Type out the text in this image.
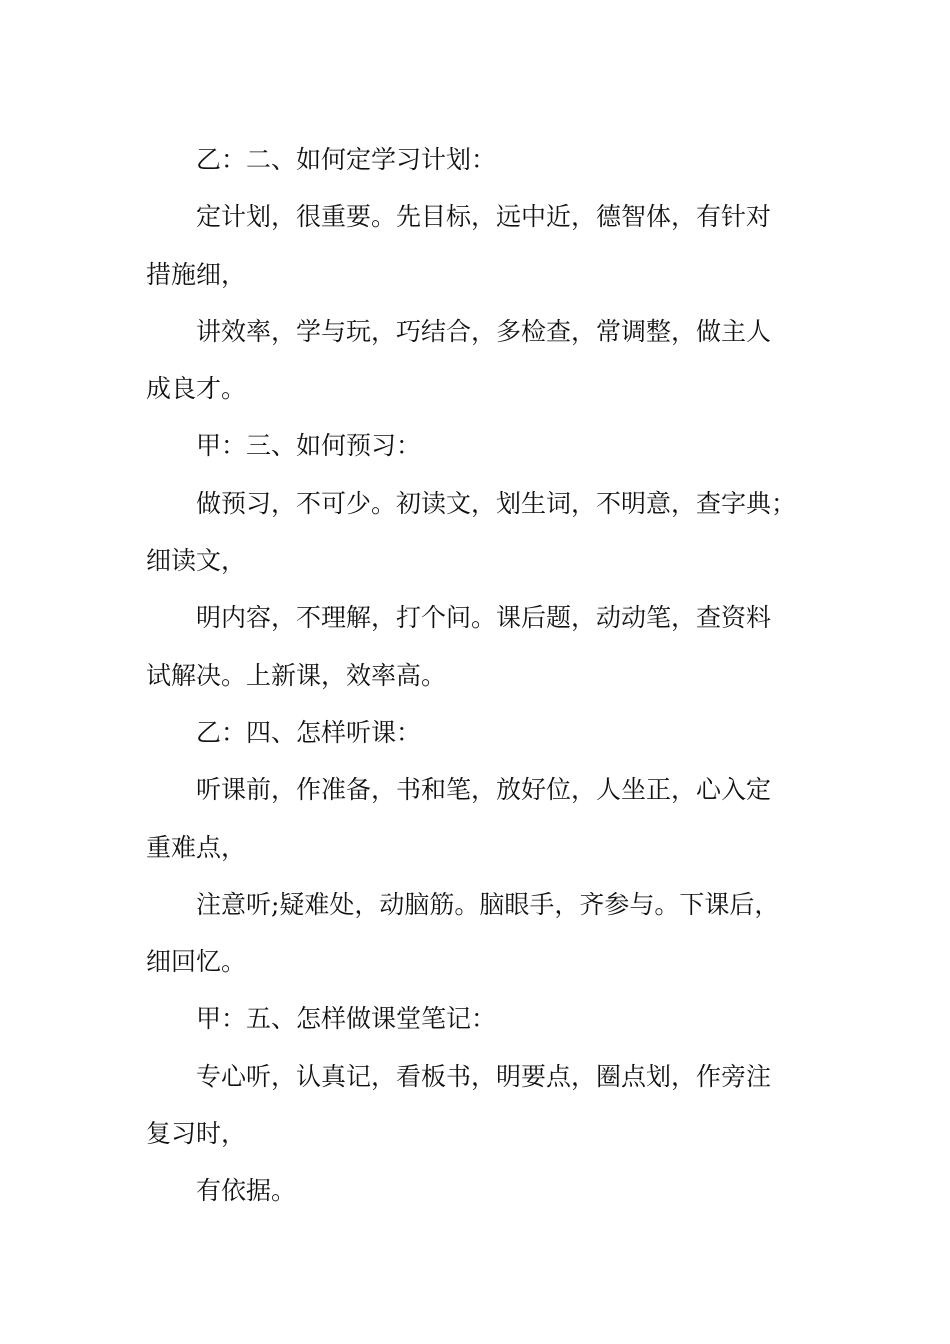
乙：二、如何定学习计划：

定计划，很重要。先目标，远中近，德智体，有针对
措施细，

讲效率，学与玩，巧结合，多检查，常调整，做主人
成良才。

甲：三、如何预习：

做预习，不可少。初读文，划生词，不明意，查字典；
细读文，

明内容，不理解，打个问。课后题，动动笔，查资料
试解决。上新课，效率高。

乙：四、怎样听课：

听课前，作准备，书和笔，放好位，人坐正，心入定
重难点，

注意听;疑难处，动脑筋。脑眼手，齐参与。下课后，
细回忆。

甲：五、怎样做课堂笔记：

专心听，认真记，看板书，明要点，圈点划，作旁注
复习时，

有依据。
